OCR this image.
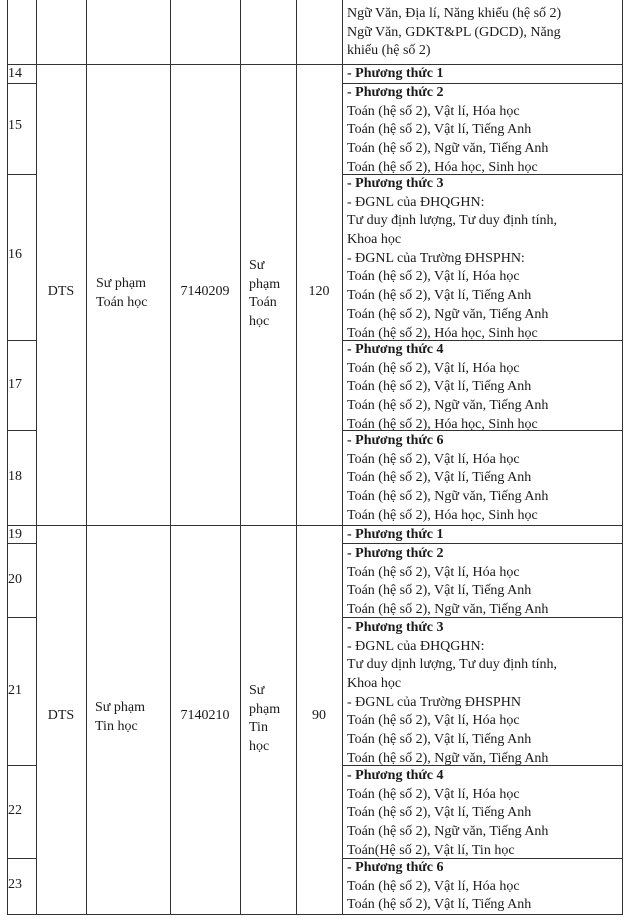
Ngữ Văn, Địa lí, Năng khiếu (hệ số 2)
Ngữ Văn, GDKT&PL (GDCD), Năng
khiếu (hệ số 2)
14
15
16
17
18
DTS
Sư phạm
Toán học
7140209
Sư
phạm
Toán
học
120
- Phương thức 1
- Phương thức 2
Toán (hệ số 2), Vật lí, Hóa học
Toán (hệ số 2), Vật lí, Tiếng Anh
Toán (hệ số 2), Ngữ văn, Tiếng Anh
Toán (hệ số 2), Hóa học, Sinh học
- Phương thức 3
- ĐGNL của ĐHQGHN:
Tư duy định lượng, Tư duy định tính,
Khoa học
- ĐGNL của Trường ĐHSPHN:
Toán (hệ số 2), Vật lí, Hóa học
Toán (hệ số 2), Vật lí, Tiếng Anh
Toán (hệ số 2), Ngữ văn, Tiếng Anh
Toán (hệ số 2), Hóa học, Sinh học
- Phương thức 4
Toán (hệ số 2), Vật lí, Hóa học
Toán (hệ số 2), Vật lí, Tiếng Anh
Toán (hệ số 2), Ngữ văn, Tiếng Anh
Toán (hệ số 2), Hóa học, Sinh học
- Phương thức 6
Toán (hệ số 2), Vật lí, Hóa học
Toán (hệ số 2), Vật lí, Tiếng Anh
Toán (hệ số 2), Ngữ văn, Tiếng Anh
Toán (hệ số 2), Hóa học, Sinh học
19
20
21
22
23
DTS
Sư phạm
Tin học
7140210
Sư
phạm
Tin
học
90
- Phương thức 1
- Phương thức 2
Toán (hệ số 2), Vật lí, Hóa học
Toán (hệ số 2), Vật lí, Tiếng Anh
Toán (hệ số 2), Ngữ văn, Tiếng Anh
- Phương thức 3
- ĐGNL của ĐHQGHN:
Tư duy dịnh lượng, Tư duy định tính,
Khoa học
- ĐGNL của Trường ĐHSPHN
Toán (hệ số 2), Vật lí, Hóa học
Toán (hệ số 2), Vật lí, Tiếng Anh
Toán (hệ số 2), Ngữ văn, Tiếng Anh
- Phương thức 4
Toán (hệ số 2), Vật lí, Hóa học
Toán (hệ số 2), Vật lí, Tiếng Anh
Toán (hệ số 2), Ngữ văn, Tiếng Anh
Toán(Hệ số 2), Vật lí, Tin học
- Phương thức 6
Toán (hệ số 2), Vật lí, Hóa học
Toán (hệ số 2), Vật lí, Tiếng Anh
